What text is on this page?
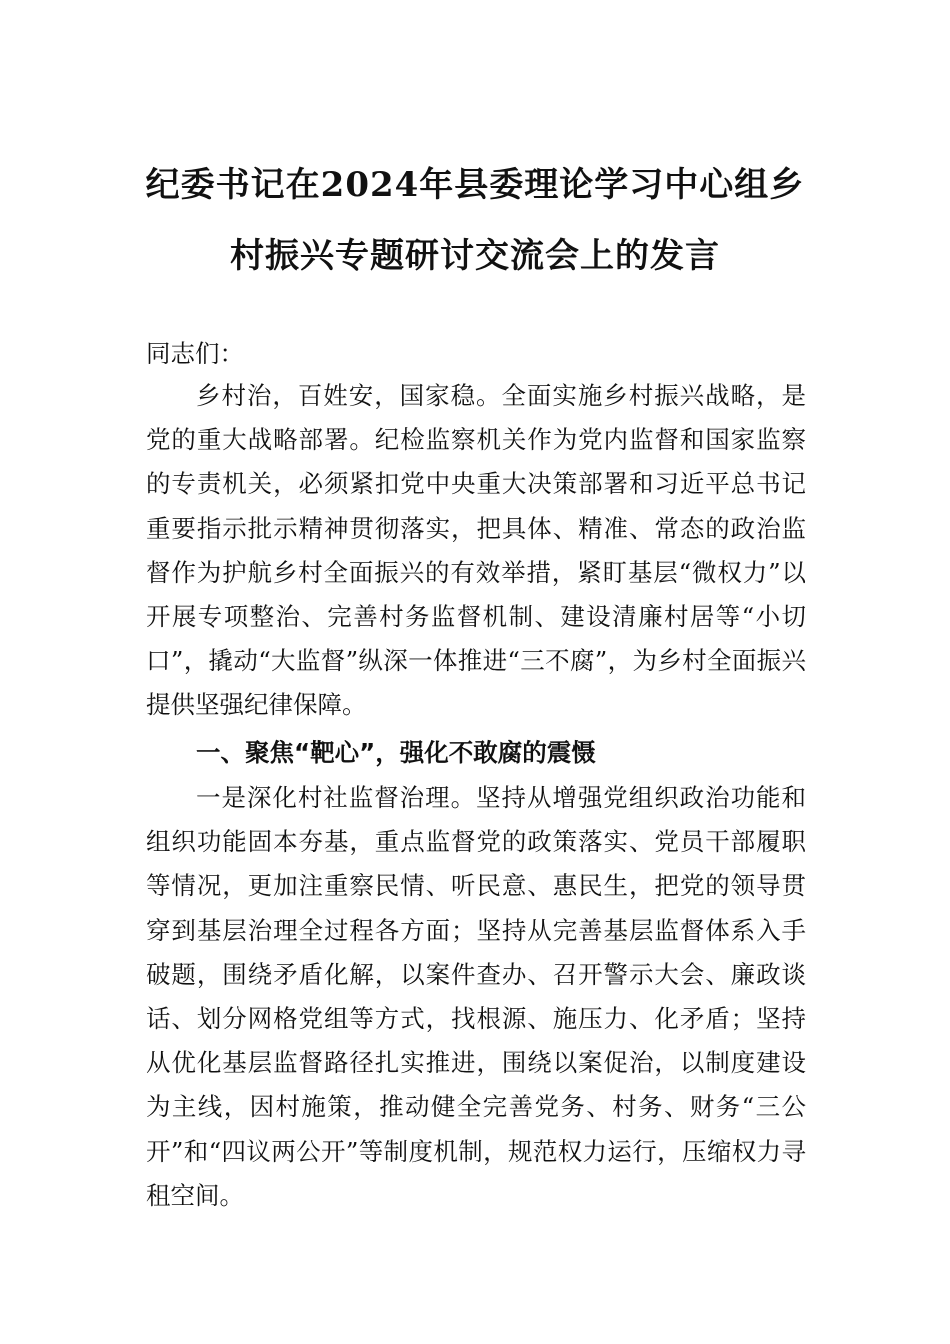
纪委书记在2024年县委理论学习中心组乡
村振兴专题研讨交流会上的发言

同志们：

乡村治，百姓安，国家稳。全面实施乡村振兴战略，是党的重大战略部署。纪检监察机关作为党内监督和国家监察的专责机关，必须紧扣党中央重大决策部署和习近平总书记重要指示批示精神贯彻落实，把具体、精准、常态的政治监督作为护航乡村全面振兴的有效举措，紧盯基层“微权力”以开展专项整治、完善村务监督机制、建设清廉村居等“小切口”，撬动“大监督”纵深一体推进“三不腐”，为乡村全面振兴提供坚强纪律保障。

一、聚焦“靶心”，强化不敢腐的震慑

一是深化村社监督治理。坚持从增强党组织政治功能和组织功能固本夯基，重点监督党的政策落实、党员干部履职等情况，更加注重察民情、听民意、惠民生，把党的领导贯穿到基层治理全过程各方面；坚持从完善基层监督体系入手破题，围绕矛盾化解，以案件查办、召开警示大会、廉政谈话、划分网格党组等方式，找根源、施压力、化矛盾；坚持从优化基层监督路径扎实推进，围绕以案促治，以制度建设为主线，因村施策，推动健全完善党务、村务、财务“三公开”和“四议两公开”等制度机制，规范权力运行，压缩权力寻租空间。
